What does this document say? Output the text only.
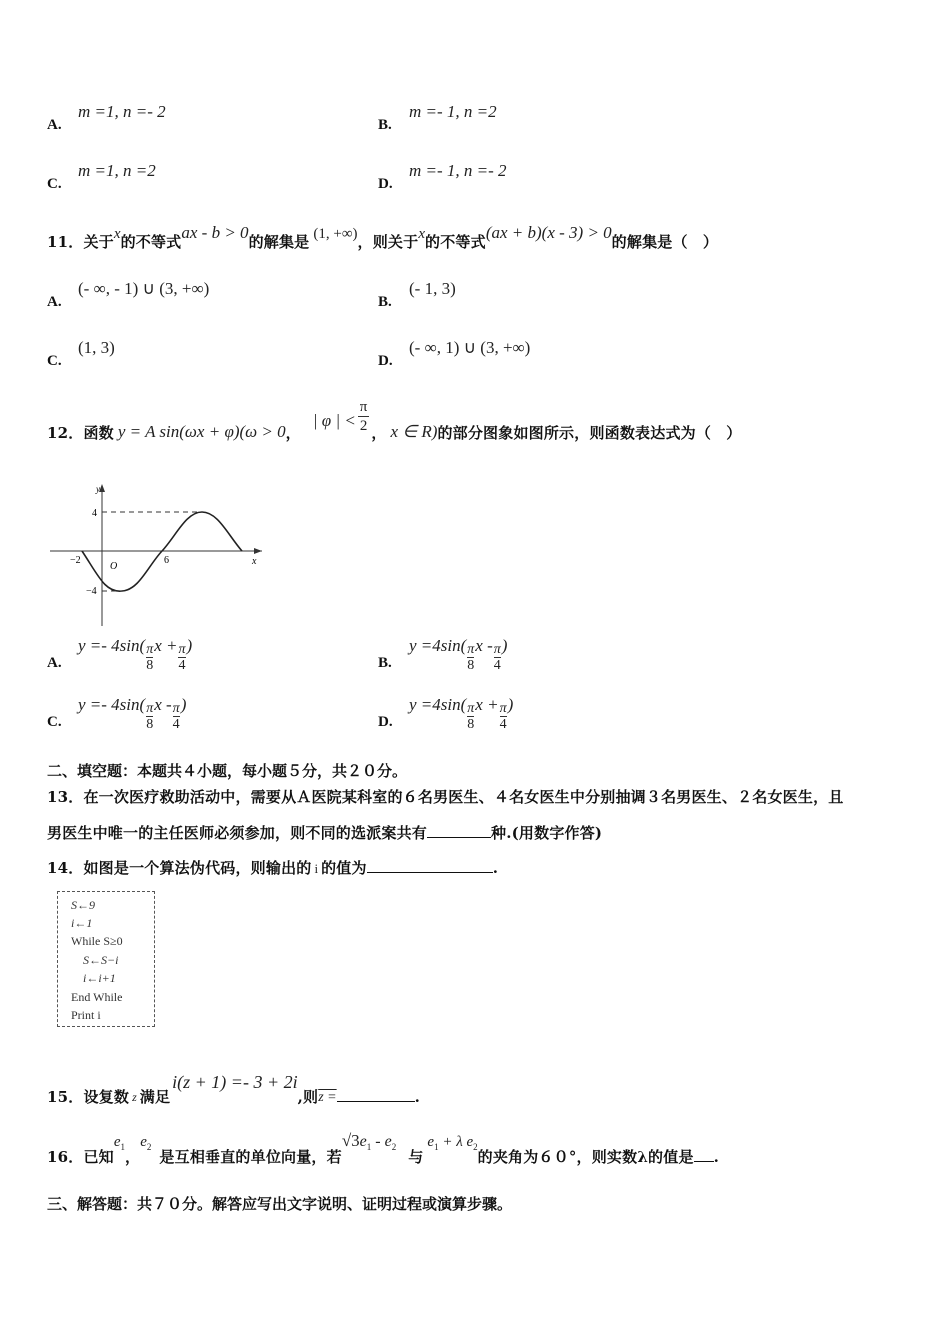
A.
m =1, n =- 2
B.
m =- 1, n =2
C.
m =1, n =2
D.
m =- 1, n =- 2
11．关于x的不等式ax - b > 0的解集是 (1, +∞)，则关于x的不等式(ax + b)(x - 3) > 0的解集是（　）
A.
(- ∞, - 1) ∪ (3, +∞)
B.
(- 1, 3)
C.
(1, 3)
D.
(- ∞, 1) ∪ (3, +∞)
12．函数 y = A sin(ωx + φ)(ω > 0，| φ | < $\frac{\pi}{2}$ ， x ∈ R)的部分图象如图所示，则函数表达式为（　）
y
x
O
4
−4
−2	6
A.
$y =- 4\sin( \frac{\pi}{8}$ $x + \frac{\pi}{4}$ )
B.
$y =4\sin( \frac{\pi}{8}$ x - $\frac{\pi}{4}$ )
C.
$y =- 4\sin( \frac{\pi}{8}$ x - $\frac{\pi}{4}$ )
D.
$y =4\sin( \frac{\pi}{8}$ $x + \frac{\pi}{4}$ )
二、填空题：本题共４小题，每小题５分，共２０分。
13．在一次医疗救助活动中，需要从Ａ医院某科室的６名男医生、４名女医生中分别抽调３名男医生、２名女医生，且
男医生中唯一的主任医师必须参加，则不同的选派案共有	种.(用数字作答)
14．如图是一个算法伪代码，则输出的 i 的值为	.
S←9
i←1
While S≥0
S←S−i
i←i+1
End While
Print i
15．设复数 $_z$ 满足i(z + 1) =- 3 + 2i,则z =	.
16．已知$e_1$，$e_2$是互相垂直的单位向量，若$√3e_1 - e_2$与$e_1 + \lambda$ $e_2$的夹角为６０°，则实数λ的值是 .
三、解答题：共７０分。解答应写出文字说明、证明过程或演算步骤。
